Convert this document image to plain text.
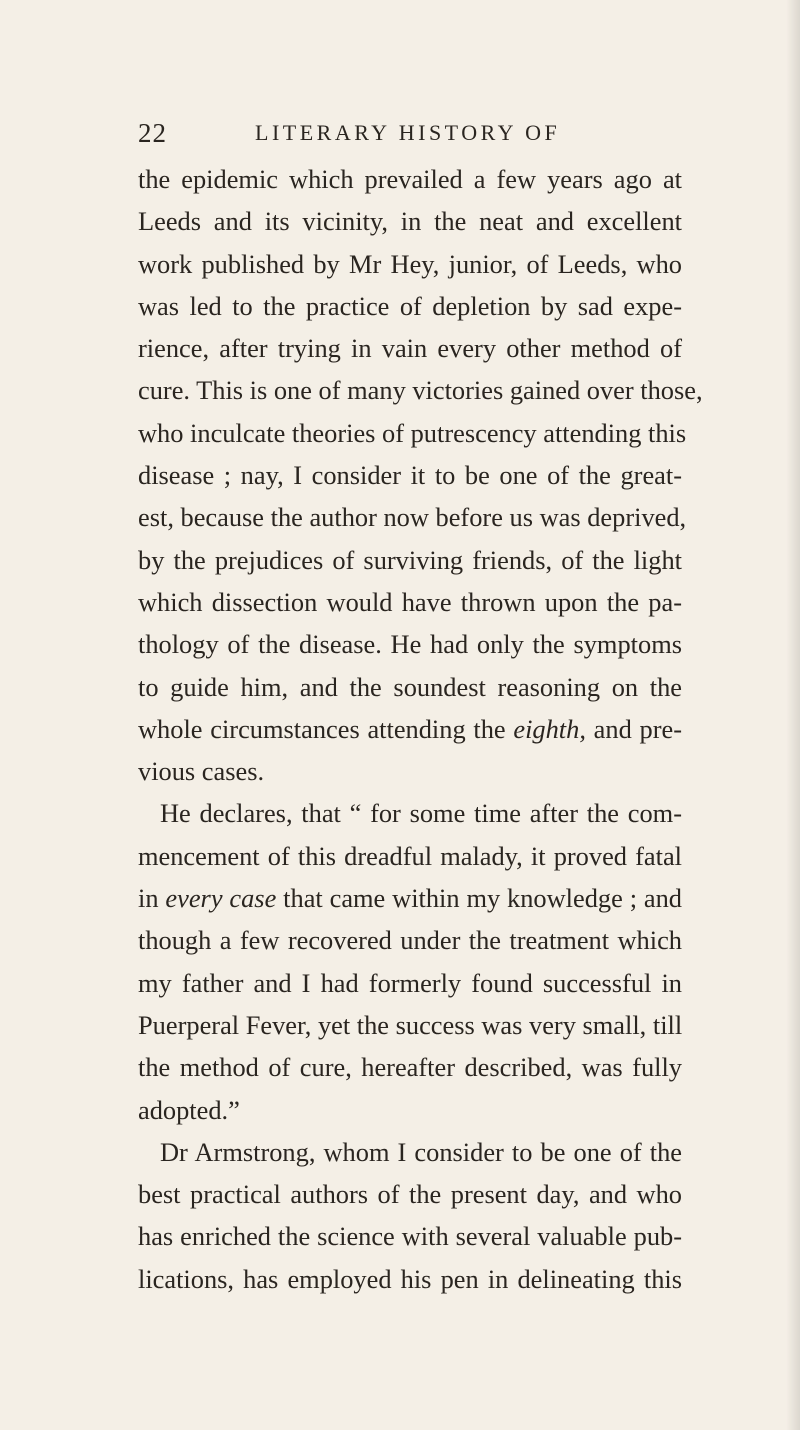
22	LITERARY HISTORY OF
the epidemic which prevailed a few years ago at
Leeds and its vicinity, in the neat and excellent
work published by Mr Hey, junior, of Leeds, who
was led to the practice of depletion by sad expe-
rience, after trying in vain every other method of
cure. This is one of many victories gained over those,
who inculcate theories of putrescency attending this
disease ; nay, I consider it to be one of the great-
est, because the author now before us was deprived,
by the prejudices of surviving friends, of the light
which dissection would have thrown upon the pa-
thology of the disease. He had only the symptoms
to guide him, and the soundest reasoning on the
whole circumstances attending the eighth, and pre-
vious cases.
He declares, that “ for some time after the com-
mencement of this dreadful malady, it proved fatal
in every case that came within my knowledge ; and
though a few recovered under the treatment which
my father and I had formerly found successful in
Puerperal Fever, yet the success was very small, till
the method of cure, hereafter described, was fully
adopted.”
Dr Armstrong, whom I consider to be one of the
best practical authors of the present day, and who
has enriched the science with several valuable pub-
lications, has employed his pen in delineating this
